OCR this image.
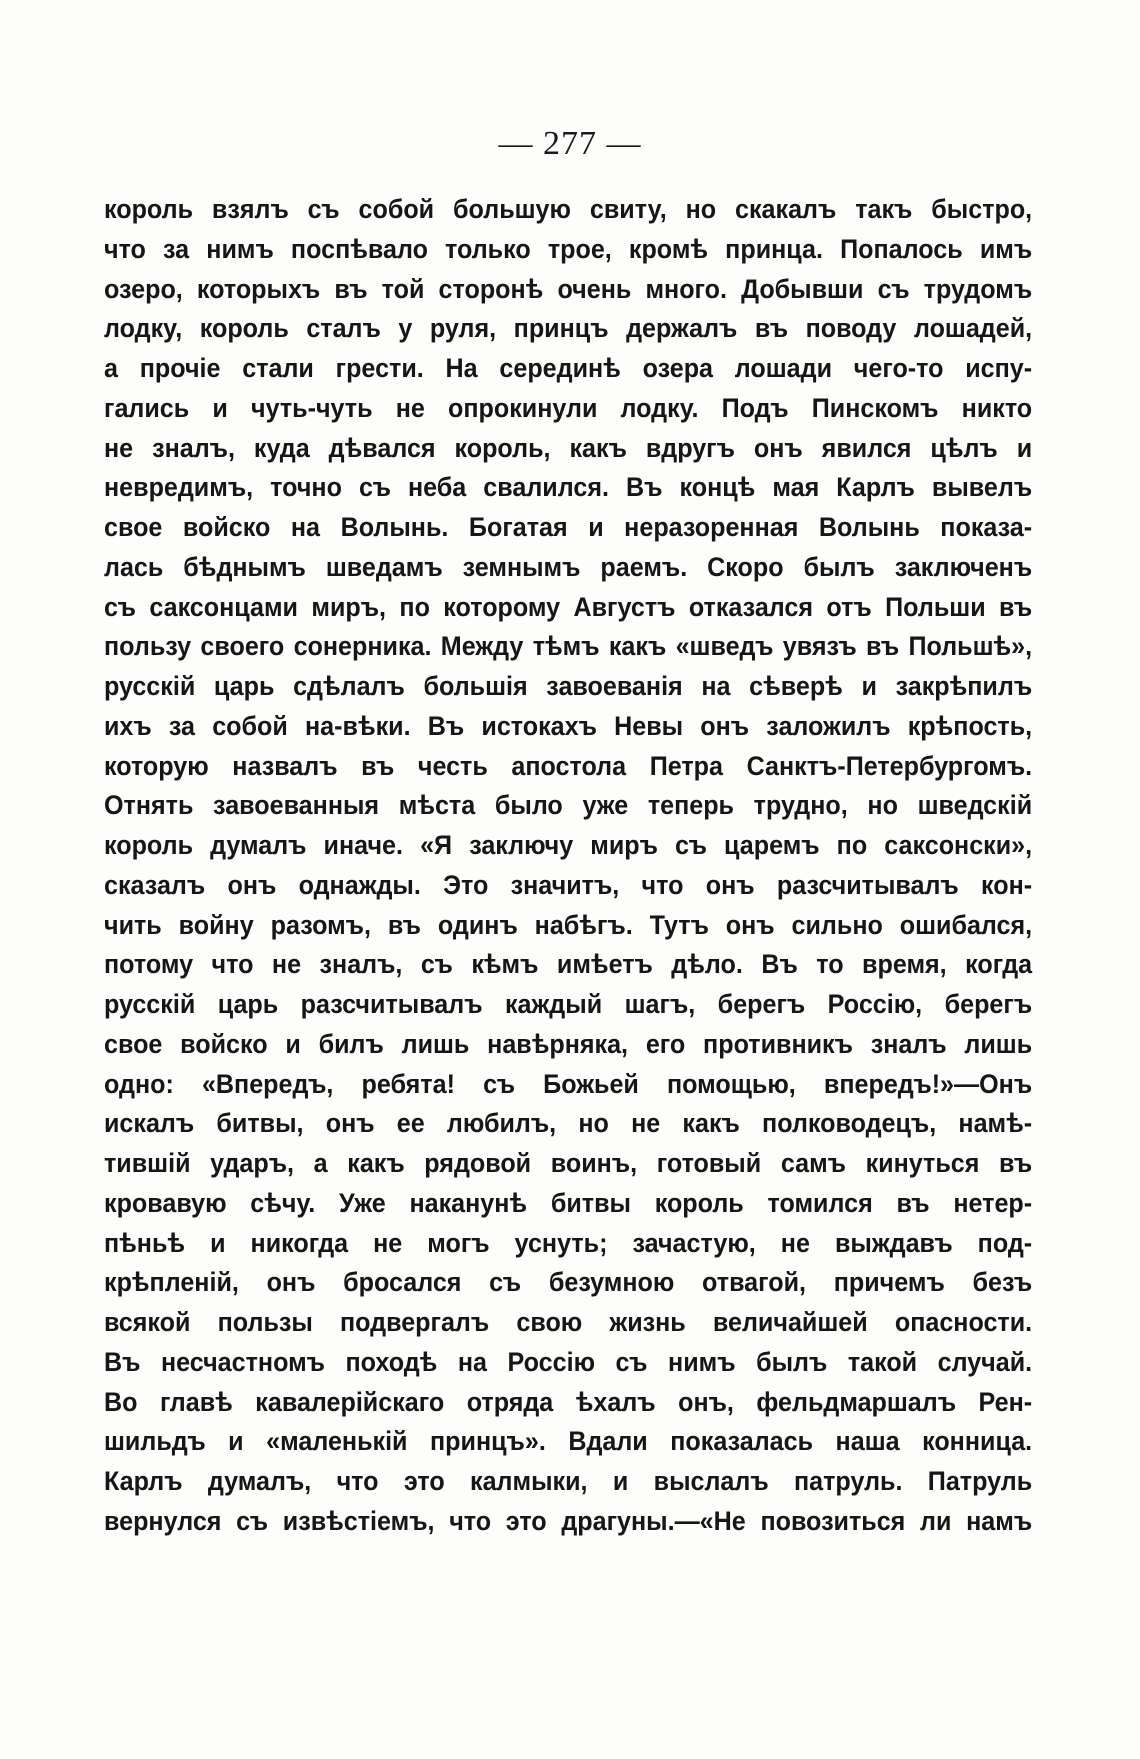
— 277 —
король взялъ съ собой большую свиту, но скакалъ такъ быстро,
что за нимъ поспѣвало только трое, кромѣ принца. Попалось имъ
озеро, которыхъ въ той сторонѣ очень много. Добывши съ трудомъ
лодку, король сталъ у руля, принцъ держалъ въ поводу лошадей,
а прочіе стали грести. На серединѣ озера лошади чего-то испу-
гались и чуть-чуть не опрокинули лодку. Подъ Пинскомъ никто
не зналъ, куда дѣвался король, какъ вдругъ онъ явился цѣлъ и
невредимъ, точно съ неба свалился. Въ концѣ мая Карлъ вывелъ
свое войско на Волынь. Богатая и неразоренная Волынь показа-
лась бѣднымъ шведамъ земнымъ раемъ. Скоро былъ заключенъ
съ саксонцами миръ, по которому Августъ отказался отъ Польши въ
пользу своего сонерника. Между тѣмъ какъ «шведъ увязъ въ Польшѣ»,
русскій царь сдѣлалъ большія завоеванія на сѣверѣ и закрѣпилъ
ихъ за собой на-вѣки. Въ истокахъ Невы онъ заложилъ крѣпость,
которую назвалъ въ честь апостола Петра Санктъ-Петербургомъ.
Отнять завоеванныя мѣста было уже теперь трудно, но шведскій
король думалъ иначе. «Я заключу миръ съ царемъ по саксонски»,
сказалъ онъ однажды. Это значитъ, что онъ разсчитывалъ кон-
чить войну разомъ, въ одинъ набѣгъ. Тутъ онъ сильно ошибался,
потому что не зналъ, съ кѣмъ имѣетъ дѣло. Въ то время, когда
русскій царь разсчитывалъ каждый шагъ, берегъ Россію, берегъ
свое войско и билъ лишь навѣрняка, его противникъ зналъ лишь
одно: «Впередъ, ребята! съ Божьей помощью, впередъ!»—Онъ
искалъ битвы, онъ ее любилъ, но не какъ полководецъ, намѣ-
тившій ударъ, а какъ рядовой воинъ, готовый самъ кинуться въ
кровавую сѣчу. Уже наканунѣ битвы король томился въ нетер-
пѣньѣ и никогда не могъ уснуть; зачастую, не выждавъ под-
крѣпленій, онъ бросался съ безумною отвагой, причемъ безъ
всякой пользы подвергалъ свою жизнь величайшей опасности.
Въ несчастномъ походѣ на Россію съ нимъ былъ такой случай.
Во главѣ кавалерійскаго отряда ѣхалъ онъ, фельдмаршалъ Рен-
шильдъ и «маленькій принцъ». Вдали показалась наша конница.
Карлъ думалъ, что это калмыки, и выслалъ патруль. Патруль
вернулся съ извѣстіемъ, что это драгуны.—«Не повозиться ли намъ
